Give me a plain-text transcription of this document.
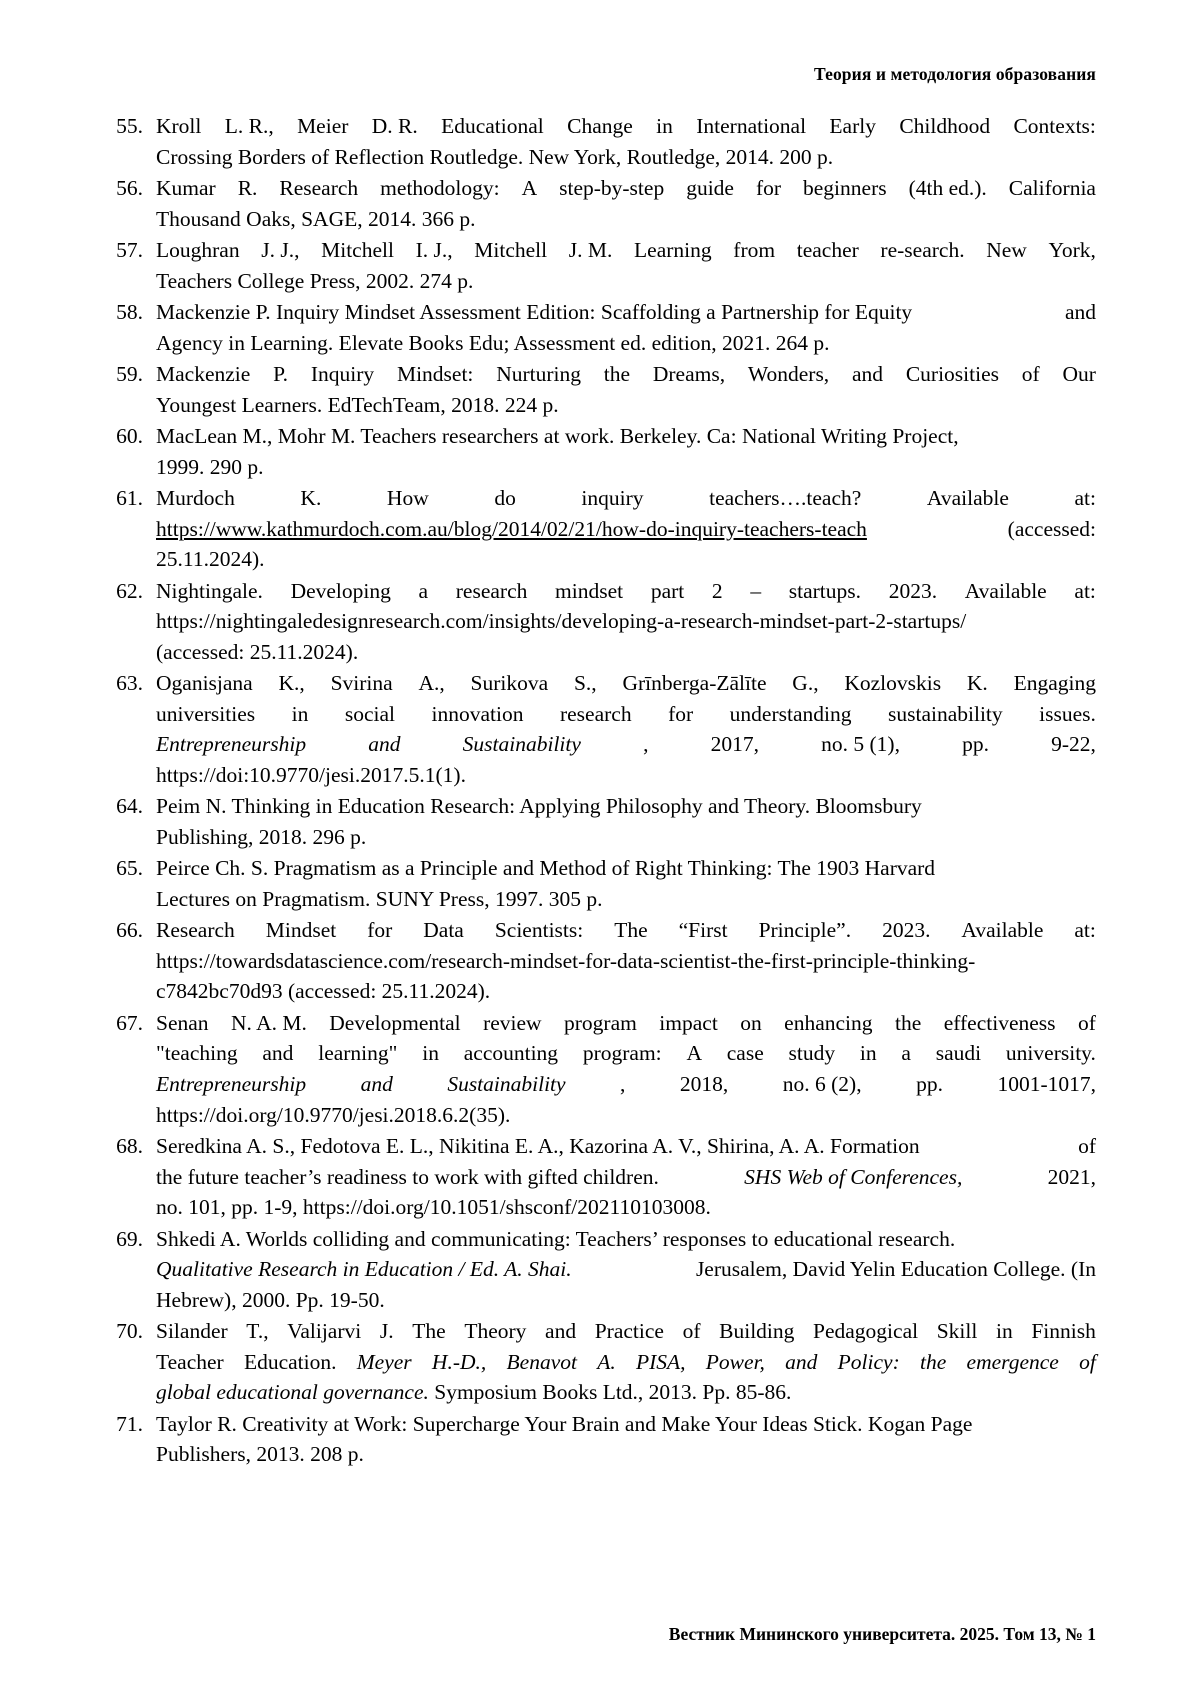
Теория и методология образования
55. Kroll L. R., Meier D. R. Educational Change in International Early Childhood Contexts:
Crossing Borders of Reflection Routledge. New York, Routledge, 2014. 200 p.
56. Kumar R. Research methodology: A step-by-step guide for beginners (4th ed.). California
Thousand Oaks, SAGE, 2014. 366 p.
57. Loughran J. J., Mitchell I. J., Mitchell J. M. Learning from teacher re-search. New York,
Teachers College Press, 2002. 274 p.
58. Mackenzie P. Inquiry Mindset Assessment Edition: Scaffolding a Partnership for Equity	and
Agency in Learning. Elevate Books Edu; Assessment ed. edition, 2021. 264 p.
59. Mackenzie P. Inquiry Mindset: Nurturing the Dreams, Wonders, and Curiosities of Our
Youngest Learners. EdTechTeam, 2018. 224 p.
60. MacLean M., Mohr M. Teachers researchers at work. Berkeley. Ca: National Writing Project,
1999. 290 p.
61. Murdoch	K.	How	do	inquiry	teachers….teach?	Available	at:
https://www.kathmurdoch.com.au/blog/2014/02/21/how-do-inquiry-teachers-teach	(accessed:
25.11.2024).
62. Nightingale. Developing a research mindset part 2 – startups. 2023. Available at:
https://nightingaledesignresearch.com/insights/developing-a-research-mindset-part-2-startups/
(accessed: 25.11.2024).
63. Oganisjana K., Svirina A., Surikova S., Grīnberga-Zālīte G., Kozlovskis K. Engaging
universities in social innovation research for understanding sustainability issues.
Entrepreneurship	and	Sustainability	,	2017,	no. 5 (1),	pp.	9-22,
https://doi:10.9770/jesi.2017.5.1(1).
64. Peim N. Thinking in Education Research: Applying Philosophy and Theory. Bloomsbury
Publishing, 2018. 296 p.
65. Peirce Ch. S. Pragmatism as a Principle and Method of Right Thinking: The 1903 Harvard
Lectures on Pragmatism. SUNY Press, 1997. 305 p.
66. Research Mindset for Data Scientists: The “First Principle”. 2023. Available at:
https://towardsdatascience.com/research-mindset-for-data-scientist-the-first-principle-thinking-
c7842bc70d93 (accessed: 25.11.2024).
67. Senan N. A. M. Developmental review program impact on enhancing the effectiveness of
"teaching and learning" in accounting program: A case study in a saudi university.
Entrepreneurship	and	Sustainability	,	2018,	no. 6 (2),	pp.	1001-1017,
https://doi.org/10.9770/jesi.2018.6.2(35).
68. Seredkina A. S., Fedotova E. L., Nikitina E. A., Kazorina A. V., Shirina, A. A. Formation	of
the future teacher’s readiness to work with gifted children.	SHS Web of Conferences,	2021,
no. 101, pp. 1-9, https://doi.org/10.1051/shsconf/202110103008.
69. Shkedi A. Worlds colliding and communicating: Teachers’ responses to educational research.
Qualitative Research in Education / Ed. A. Shai.	Jerusalem, David Yelin Education College. (In
Hebrew), 2000. Pp. 19-50.
70. Silander T., Valijarvi J. The Theory and Practice of Building Pedagogical Skill in Finnish
Teacher Education. Meyer H.-D., Benavot A. PISA, Power, and Policy: the emergence of
global educational governance. Symposium Books Ltd., 2013. Pp. 85-86.
71. Taylor R. Creativity at Work: Supercharge Your Brain and Make Your Ideas Stick. Kogan Page
Publishers, 2013. 208 p.
Вестник Мининского университета. 2025. Том 13, № 1
